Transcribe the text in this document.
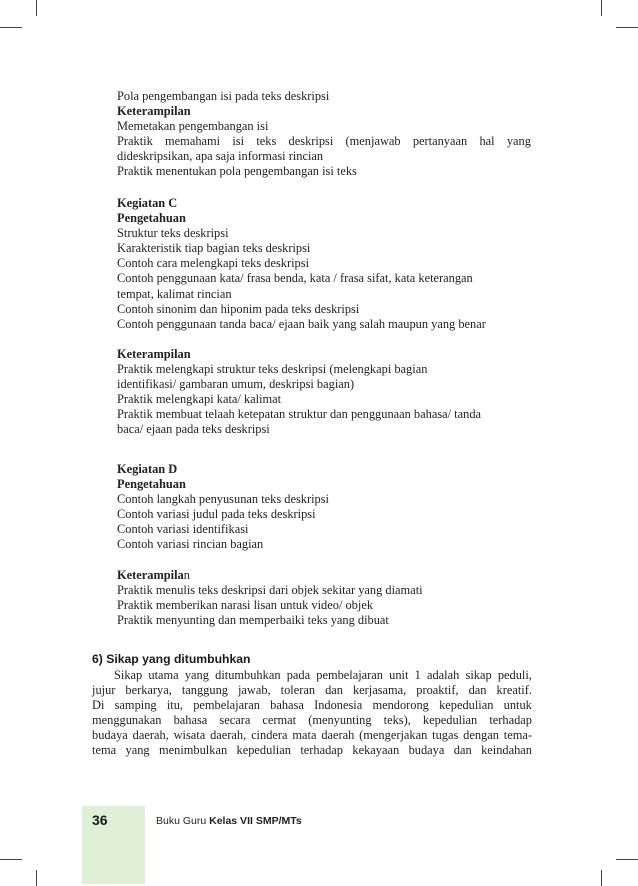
Pola pengembangan isi pada teks deskripsi
Keterampilan
Memetakan pengembangan isi
Praktik memahami isi teks deskripsi (menjawab pertanyaan hal yang
dideskripsikan, apa saja informasi rincian
Praktik menentukan pola pengembangan isi teks
Kegiatan C
Pengetahuan
Struktur teks deskripsi
Karakteristik tiap bagian teks deskripsi
Contoh cara melengkapi teks deskripsi
Contoh penggunaan kata/ frasa benda, kata / frasa sifat, kata keterangan
tempat, kalimat rincian
Contoh sinonim dan hiponim pada teks deskripsi
Contoh penggunaan tanda baca/ ejaan baik yang salah maupun yang benar
Keterampilan
Praktik melengkapi struktur teks deskripsi (melengkapi bagian
identifikasi/ gambaran umum, deskripsi bagian)
Praktik melengkapi kata/ kalimat
Praktik membuat telaah ketepatan struktur dan penggunaan bahasa/ tanda
baca/ ejaan pada teks deskripsi
Kegiatan D
Pengetahuan
Contoh langkah penyusunan teks deskripsi
Contoh variasi judul pada teks deskripsi
Contoh variasi identifikasi
Contoh variasi rincian bagian
Keterampilan
Praktik menulis teks deskripsi dari objek sekitar yang diamati
Praktik memberikan narasi lisan untuk video/ objek
Praktik menyunting dan memperbaiki teks yang dibuat
6) Sikap yang ditumbuhkan
Sikap utama yang ditumbuhkan pada pembelajaran unit 1 adalah sikap peduli,
jujur berkarya, tanggung jawab, toleran dan kerjasama, proaktif, dan kreatif.
Di samping itu, pembelajaran bahasa Indonesia mendorong kepedulian untuk
menggunakan bahasa secara cermat (menyunting teks), kepedulian terhadap
budaya daerah, wisata daerah, cindera mata daerah (mengerjakan tugas dengan tema-
tema yang menimbulkan kepedulian terhadap kekayaan budaya dan keindahan
36	Buku Guru Kelas VII SMP/MTs
